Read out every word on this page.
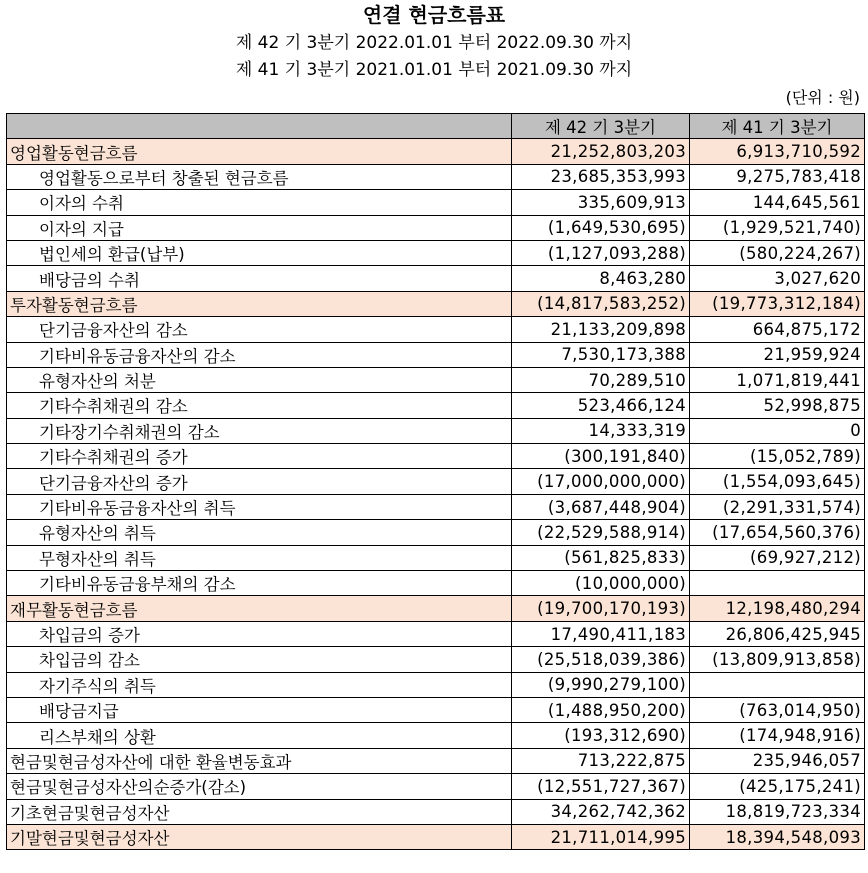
연결 현금흐름표
제 42 기 3분기 2022.01.01 부터 2022.09.30 까지
제 41 기 3분기 2021.01.01 부터 2021.09.30 까지
(단위 : 원)
	제 42 기 3분기	제 41 기 3분기
영업활동현금흐름	21,252,803,203	6,913,710,592
영업활동으로부터 창출된 현금흐름	23,685,353,993	9,275,783,418
이자의 수취	335,609,913	144,645,561
이자의 지급	(1,649,530,695)	(1,929,521,740)
법인세의 환급(납부)	(1,127,093,288)	(580,224,267)
배당금의 수취	8,463,280	3,027,620
투자활동현금흐름	(14,817,583,252)	(19,773,312,184)
단기금융자산의 감소	21,133,209,898	664,875,172
기타비유동금융자산의 감소	7,530,173,388	21,959,924
유형자산의 처분	70,289,510	1,071,819,441
기타수취채권의 감소	523,466,124	52,998,875
기타장기수취채권의 감소	14,333,319	0
기타수취채권의 증가	(300,191,840)	(15,052,789)
단기금융자산의 증가	(17,000,000,000)	(1,554,093,645)
기타비유동금융자산의 취득	(3,687,448,904)	(2,291,331,574)
유형자산의 취득	(22,529,588,914)	(17,654,560,376)
무형자산의 취득	(561,825,833)	(69,927,212)
기타비유동금융부채의 감소	(10,000,000)	
재무활동현금흐름	(19,700,170,193)	12,198,480,294
차입금의 증가	17,490,411,183	26,806,425,945
차입금의 감소	(25,518,039,386)	(13,809,913,858)
자기주식의 취득	(9,990,279,100)	
배당금지급	(1,488,950,200)	(763,014,950)
리스부채의 상환	(193,312,690)	(174,948,916)
현금및현금성자산에 대한 환율변동효과	713,222,875	235,946,057
현금및현금성자산의순증가(감소)	(12,551,727,367)	(425,175,241)
기초현금및현금성자산	34,262,742,362	18,819,723,334
기말현금및현금성자산	21,711,014,995	18,394,548,093
